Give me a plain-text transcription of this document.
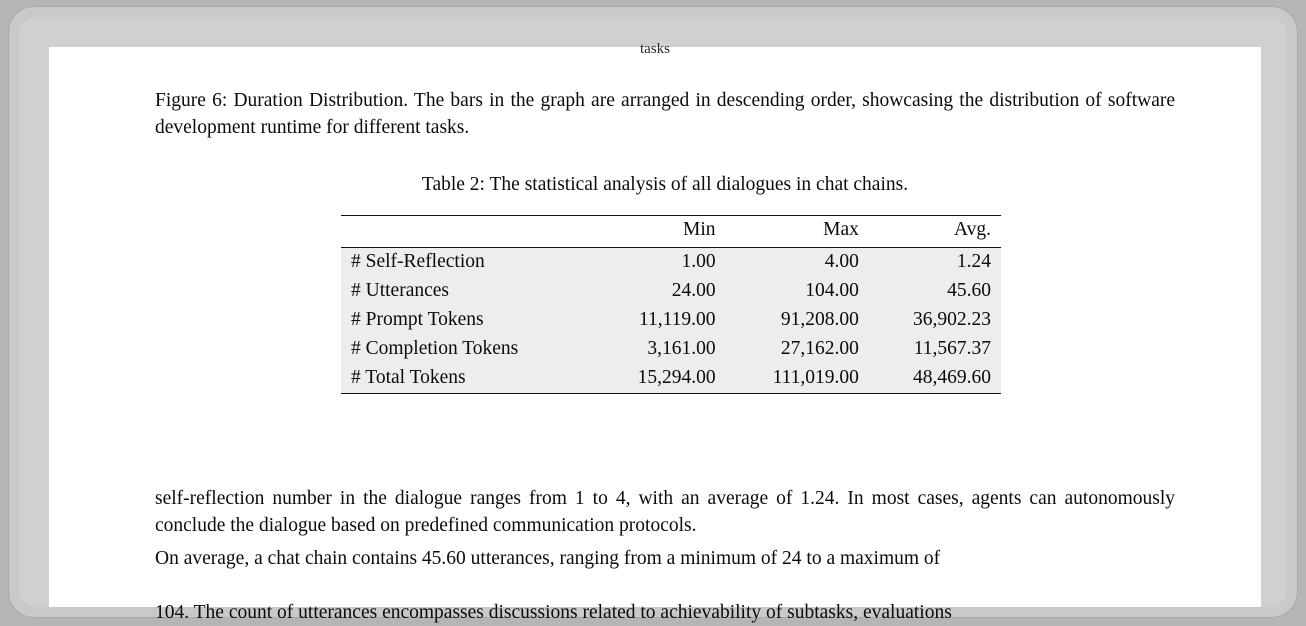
tasks
Figure 6: Duration Distribution. The bars in the graph are arranged in descending order, showcasing the distribution of software development runtime for different tasks.
Table 2: The statistical analysis of all dialogues in chat chains.
	Min	Max	Avg.
# Self-Reflection	1.00	4.00	1.24
# Utterances	24.00	104.00	45.60
# Prompt Tokens	11,119.00	91,208.00	36,902.23
# Completion Tokens	3,161.00	27,162.00	11,567.37
# Total Tokens	15,294.00	111,019.00	48,469.60
self-reflection number in the dialogue ranges from 1 to 4, with an average of 1.24. In most cases, agents can autonomously conclude the dialogue based on predefined communication protocols.
On average, a chat chain contains 45.60 utterances, ranging from a minimum of 24 to a maximum of
104. The count of utterances encompasses discussions related to achievability of subtasks, evaluations
